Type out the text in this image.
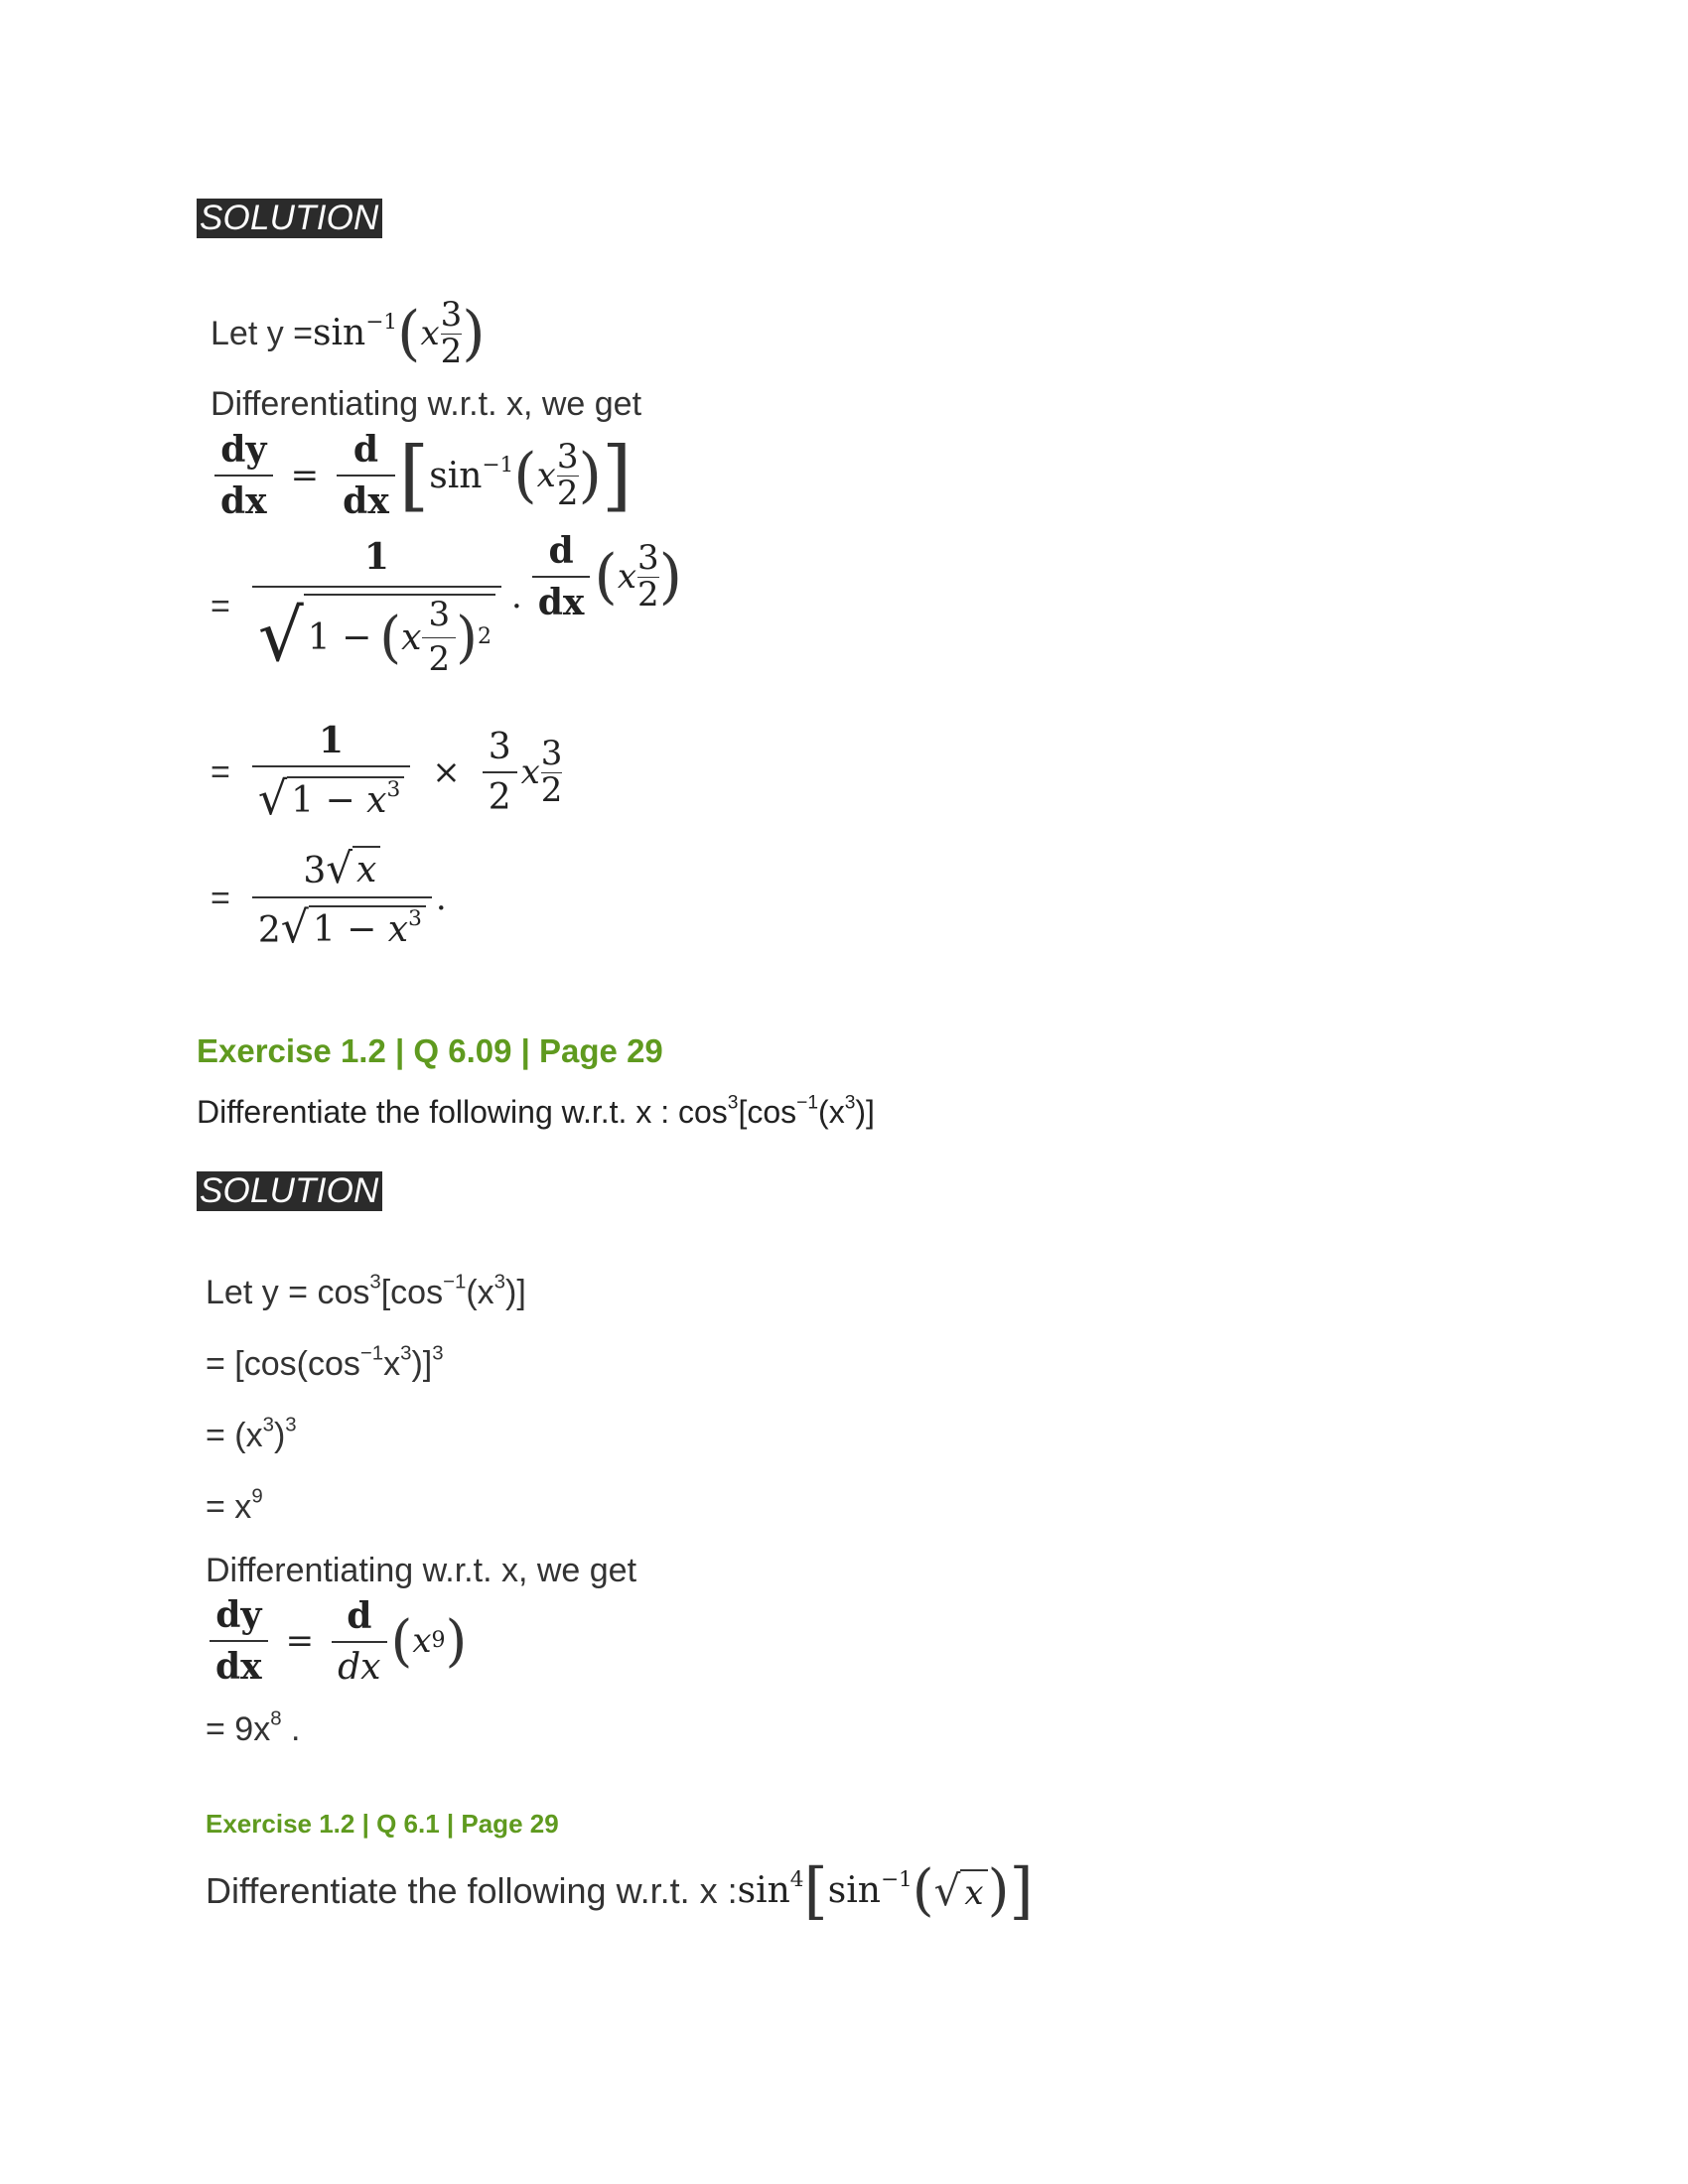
SOLUTION
Let $y = \sin^{-1}$ ( x $\frac{3}{2}$ )
Differentiating w.r.t. x, we get
$\frac{dy}{dx} = \frac{d}{dx}$ [ $\sin^{-1}$ ( x $\frac{3}{2}$ ) ]
=
1
√ 1 − ( x $\frac{3}{2}$ ) 2
· $\frac{d}{dx}$ ( x $\frac{3}{2}$ )
= $\frac{1}{√ 1 - x^3} \times \frac{3}{2}$ x $\frac{3}{2}$
= $\frac{3 √ x}{2 √ 1 - x^3}$ .
Exercise 1.2 | Q 6.09 | Page 29
Differentiate the following w.r.t. x : $\cos^3[\cos^{-1}(x^3)]$
SOLUTION
Let $y = \cos^3[\cos^{-1}(x^3)]$
= $[\cos(\cos^{-1}x^3)]^3$
= $(x^3)^3$
= $x^9$
Differentiating w.r.t. x, we get
$\frac{dy}{dx} = \frac{d}{dx}$ ( x 9 )
= $9x^8$ .
Exercise 1.2 | Q 6.1 | Page 29
Differentiate the following w.r.t. x : $\sin^4$ [ $\sin^{-1}$ ( √ x ) ]
